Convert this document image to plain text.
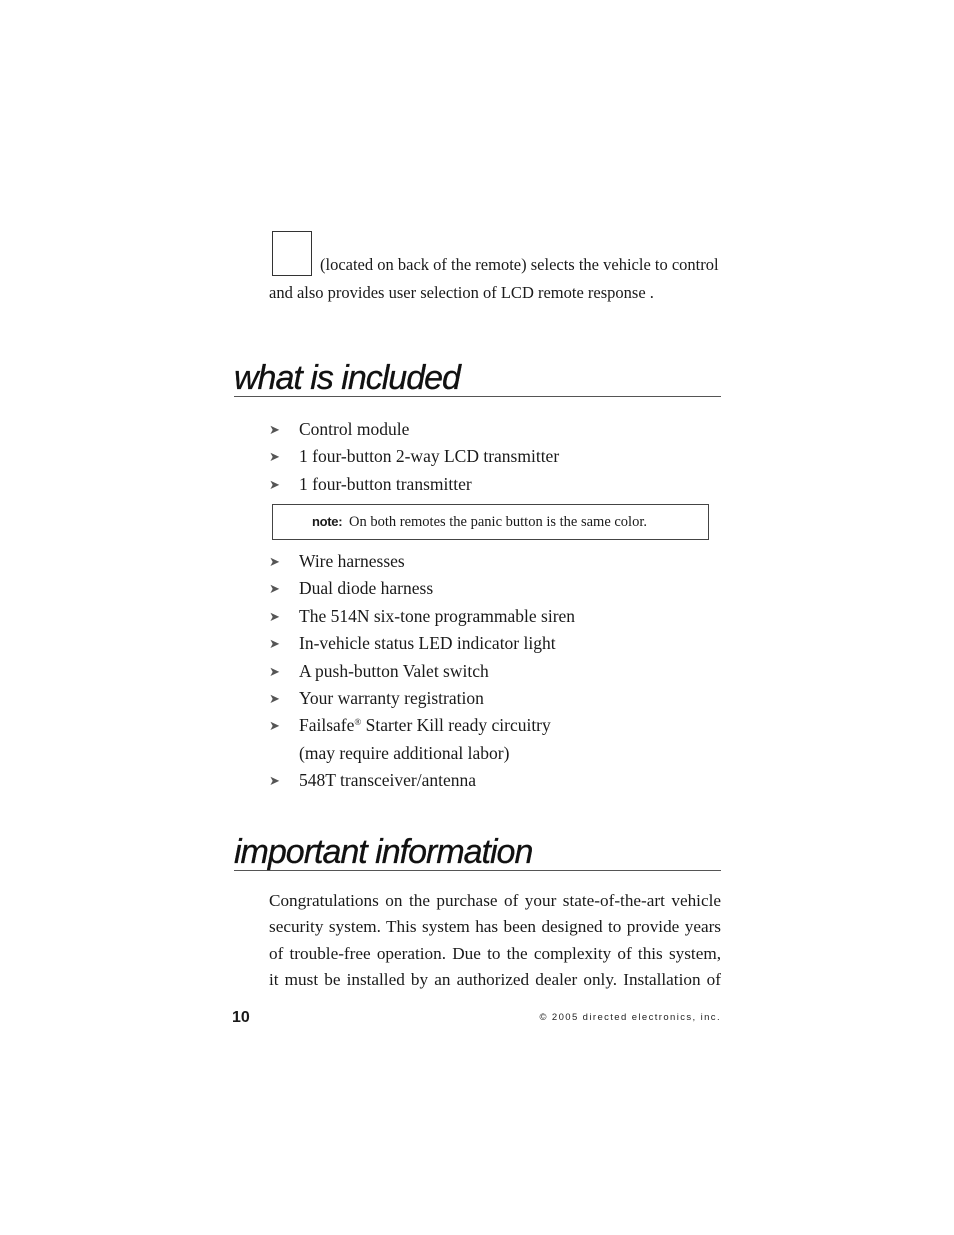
(located on back of the remote) selects the vehicle to control
and also provides user selection of LCD remote response .
what is included
➤ Control module
➤ 1 four-button 2-way LCD transmitter
➤ 1 four-button transmitter
note: On both remotes the panic button is the same color.
➤ Wire harnesses
➤ Dual diode harness
➤ The 514N six-tone programmable siren
➤ In-vehicle status LED indicator light
➤ A push-button Valet switch
➤ Your warranty registration
➤ Failsafe® Starter Kill ready circuitry
(may require additional labor)
➤ 548T transceiver/antenna
important information
Congratulations on the purchase of your state-of-the-art vehicle
security system. This system has been designed to provide years
of trouble-free operation. Due to the complexity of this system,
it must be installed by an authorized dealer only. Installation of
10	© 2005 directed electronics, inc.
